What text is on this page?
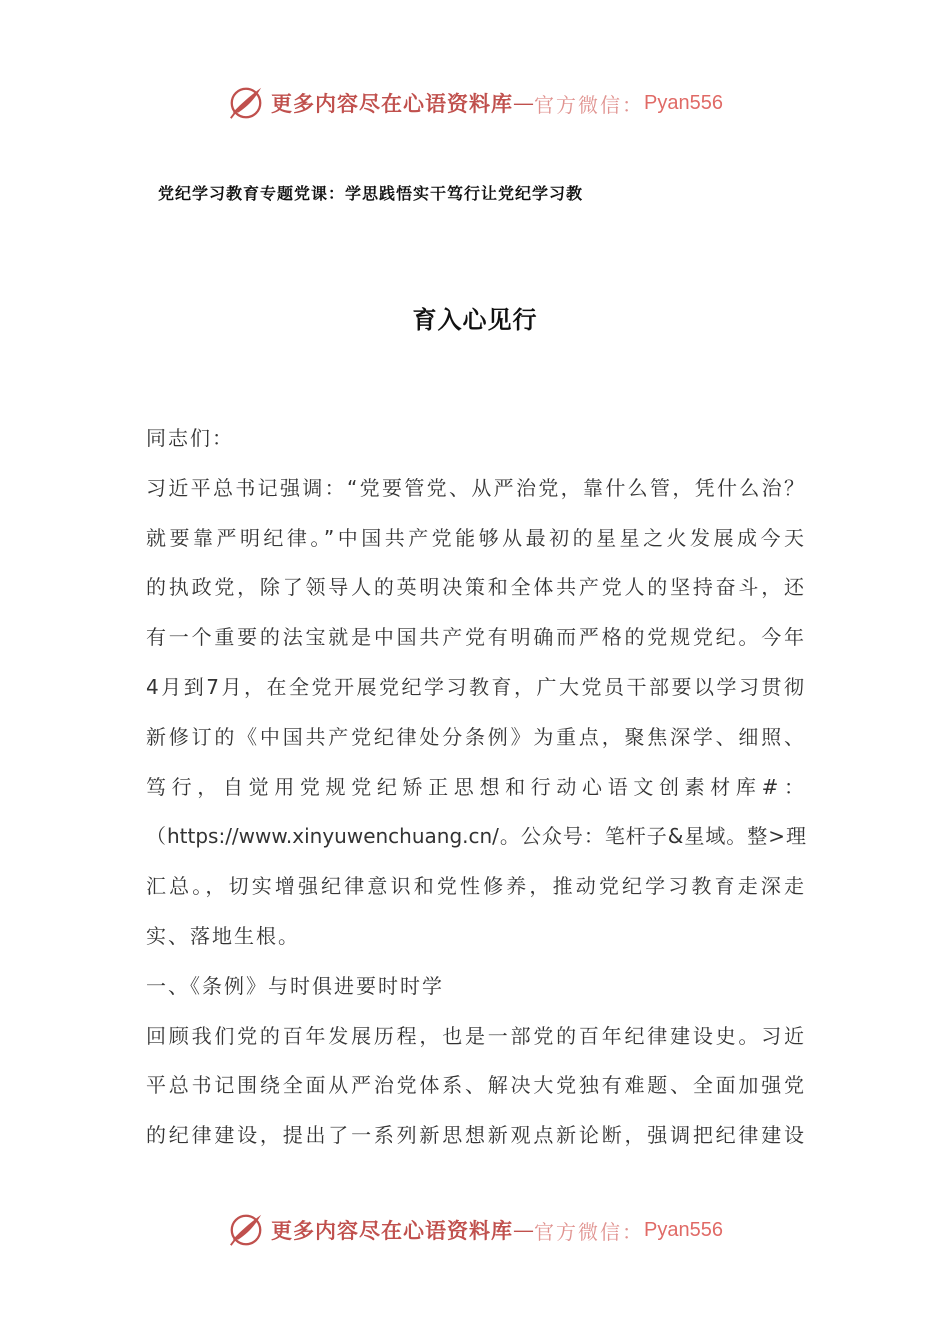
更多内容尽在心语资料库 — 官方微信： Pyan556
党纪学习教育专题党课：学思践悟实干笃行让党纪学习教
育入心见行
同志们：
习近平总书记强调：“党要管党、从严治党，靠什么管，凭什么治？
就要靠严明纪律。”中国共产党能够从最初的星星之火发展成今天
的执政党，除了领导人的英明决策和全体共产党人的坚持奋斗，还
有一个重要的法宝就是中国共产党有明确而严格的党规党纪。今年
4月到7月，在全党开展党纪学习教育，广大党员干部要以学习贯彻
新修订的《中国共产党纪律处分条例》为重点，聚焦深学、细照、
笃行，自觉用党规党纪矫正思想和行动心语文创素材库#：
（https://www.xinyuwenchuang.cn/。公众号：笔杆子&星域。整>理
汇总。，切实增强纪律意识和党性修养，推动党纪学习教育走深走
实、落地生根。
一、《条例》与时俱进要时时学
回顾我们党的百年发展历程，也是一部党的百年纪律建设史。习近
平总书记围绕全面从严治党体系、解决大党独有难题、全面加强党
的纪律建设，提出了一系列新思想新观点新论断，强调把纪律建设
更多内容尽在心语资料库 — 官方微信： Pyan556
